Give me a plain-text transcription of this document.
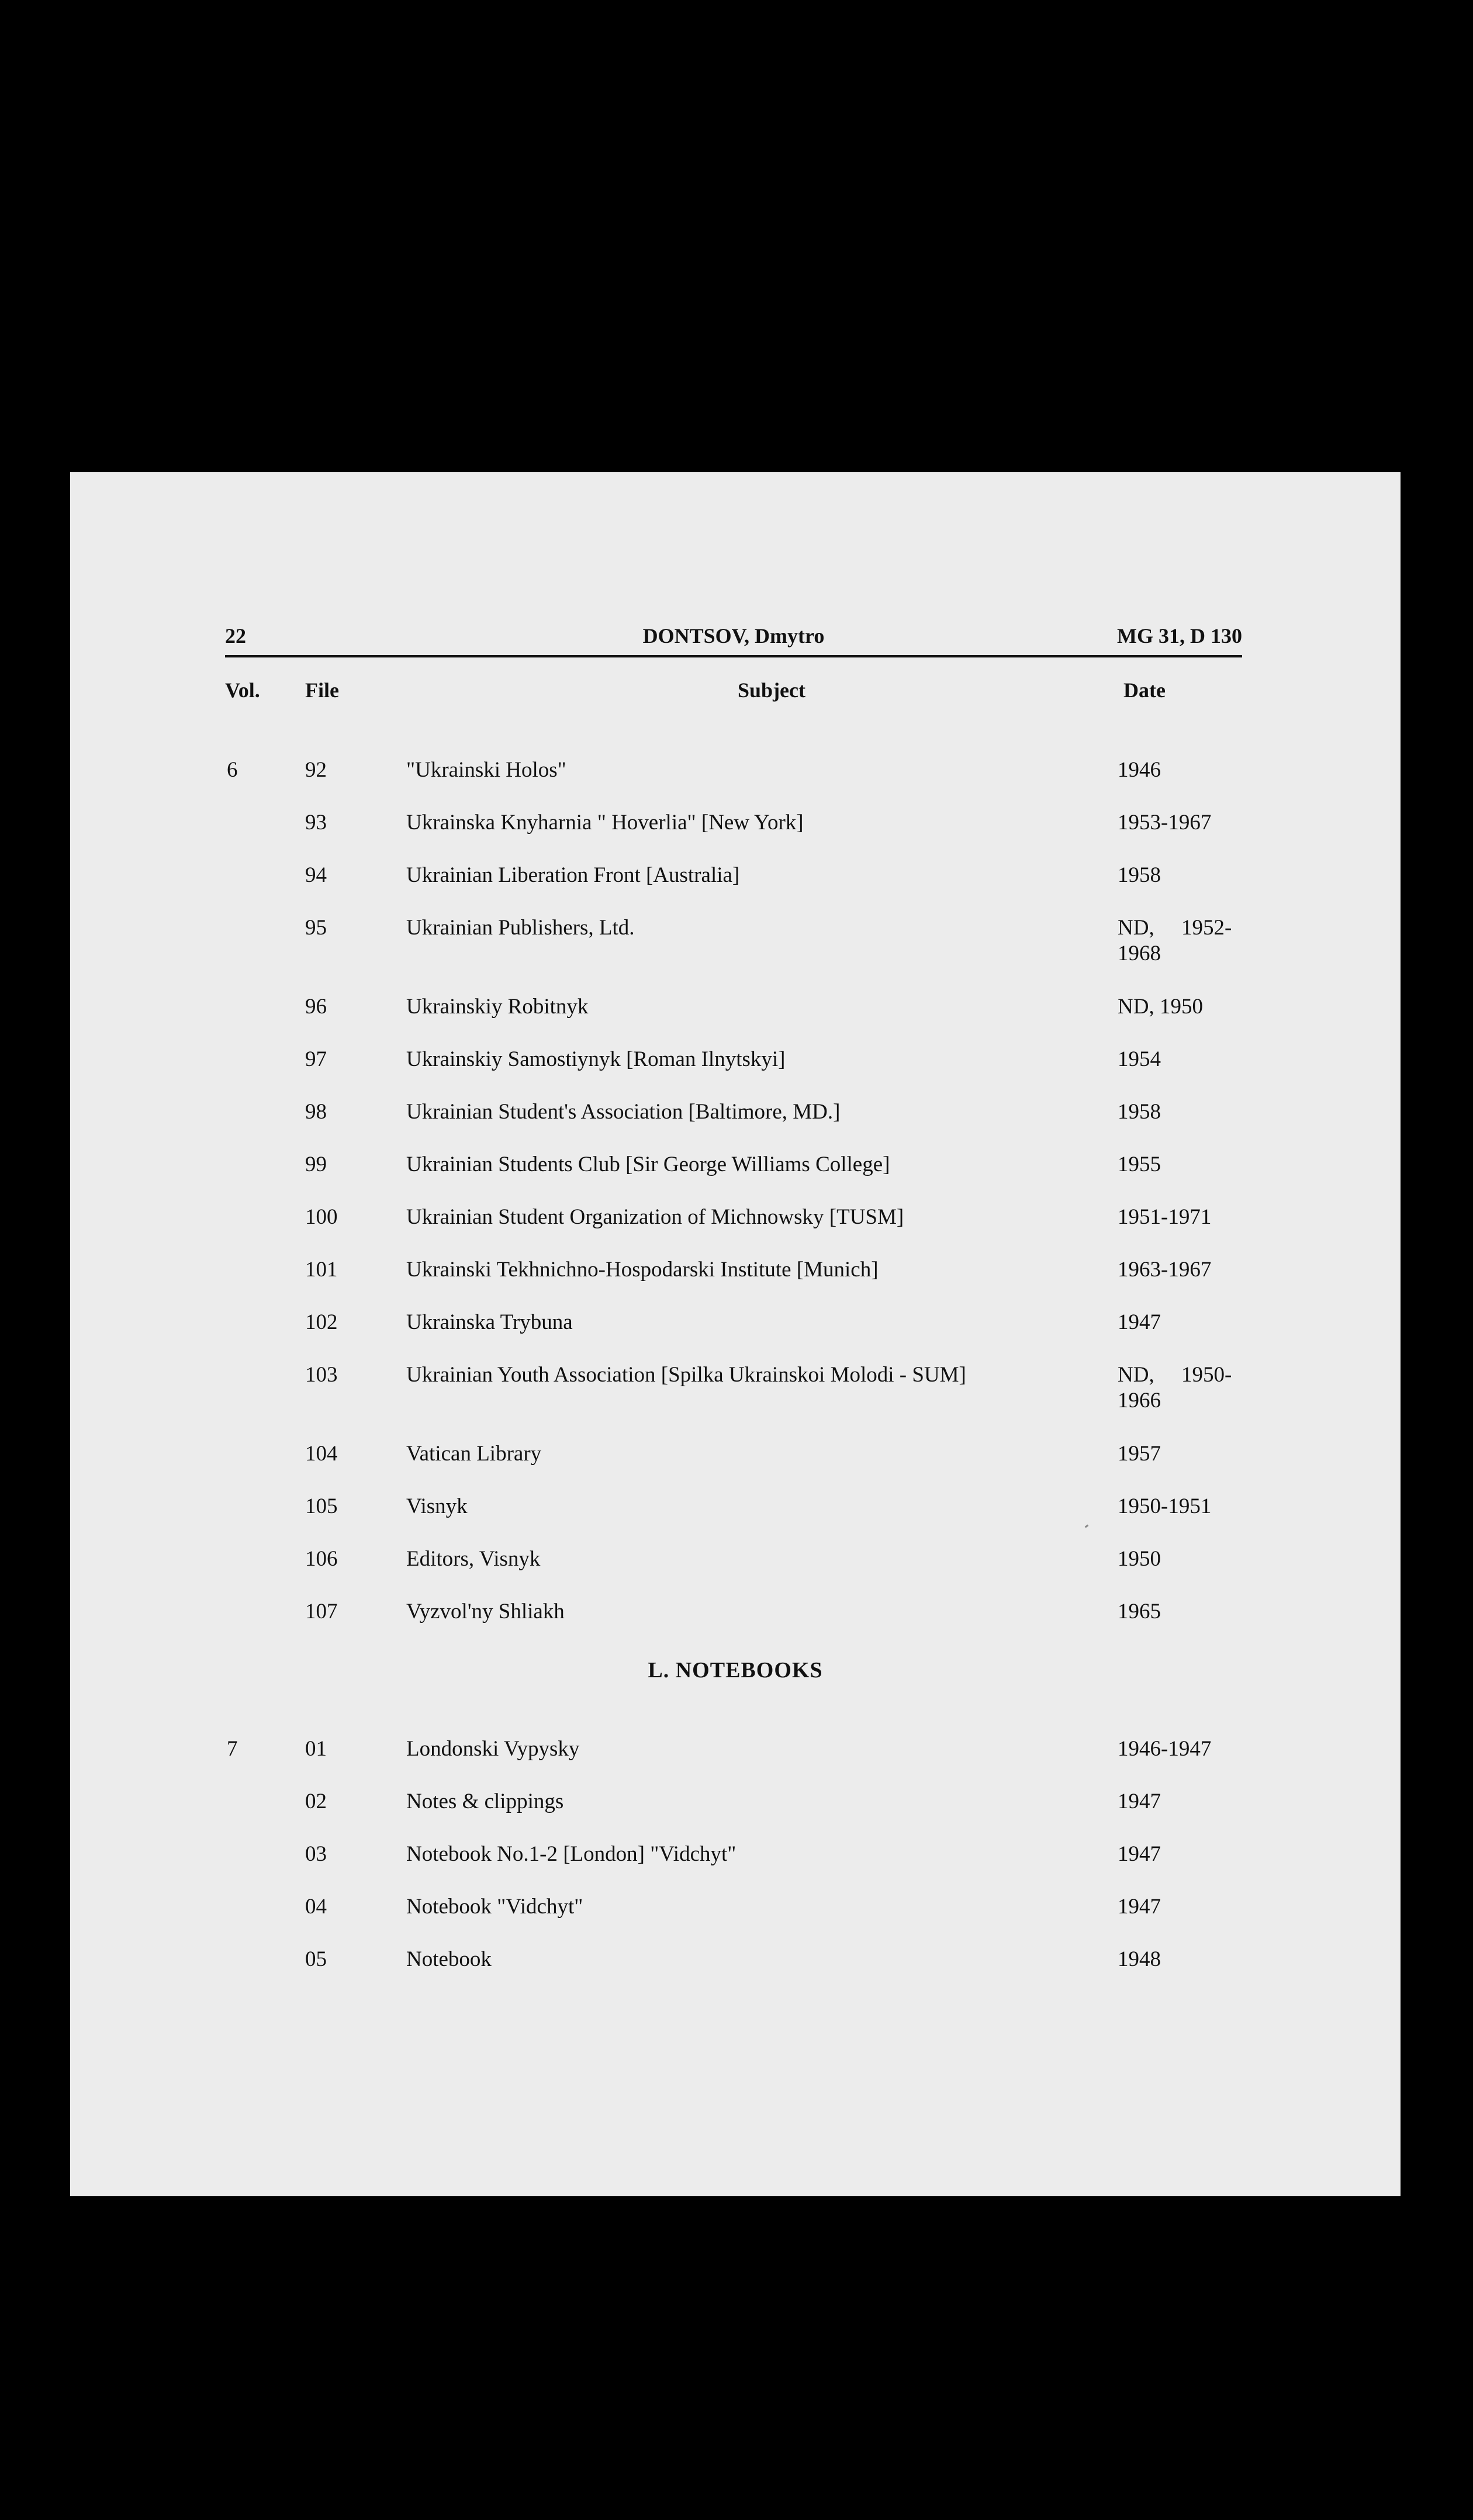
22	DONTSOV, Dmytro	MG 31, D 130
Vol. File	Subject	Date
6	92	"Ukrainski Holos"	1946
93	Ukrainska Knyharnia " Hoverlia" [New York]	1953-1967
94	Ukrainian Liberation Front [Australia]	1958
95	Ukrainian Publishers, Ltd.	ND,     1952-
1968
96	Ukrainskiy Robitnyk	ND, 1950
97	Ukrainskiy Samostiynyk [Roman Ilnytskyi]	1954
98	Ukrainian Student's Association [Baltimore, MD.]	1958
99	Ukrainian Students Club [Sir George Williams College]	1955
100	Ukrainian Student Organization of Michnowsky [TUSM]	1951-1971
101	Ukrainski Tekhnichno-Hospodarski Institute [Munich]	1963-1967
102	Ukrainska Trybuna	1947
103	Ukrainian Youth Association [Spilka Ukrainskoi Molodi - SUM]	ND,     1950-
1966
104	Vatican Library	1957
105	Visnyk	1950-1951
106	Editors, Visnyk	1950
107	Vyzvol'ny Shliakh	1965
L. NOTEBOOKS
7	01	Londonski Vypysky	1946-1947
02	Notes & clippings	1947
03	Notebook No.1-2 [London] "Vidchyt"	1947
04	Notebook "Vidchyt"	1947
05	Notebook	1948
